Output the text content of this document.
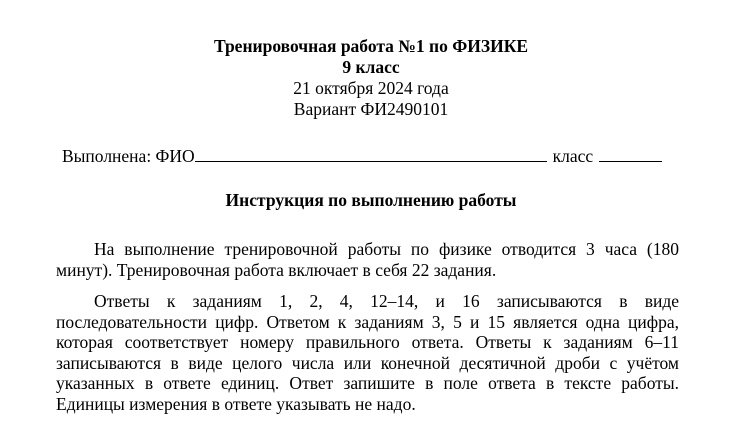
Тренировочная работа №1 по ФИЗИКЕ
9 класс
21 октября 2024 года
Вариант ФИ2490101
Выполнена: ФИО	класс
Инструкция по выполнению работы
На выполнение тренировочной работы по физике отводится 3 часа (180 минут). Тренировочная работа включает в себя 22 задания.
Ответы к заданиям 1, 2, 4, 12–14, и 16 записываются в виде последовательности цифр. Ответом к заданиям 3, 5 и 15 является одна цифра, которая соответствует номеру правильного ответа. Ответы к заданиям 6–11 записываются в виде целого числа или конечной десятичной дроби с учётом указанных в ответе единиц. Ответ запишите в поле ответа в тексте работы. Единицы измерения в ответе указывать не надо.
